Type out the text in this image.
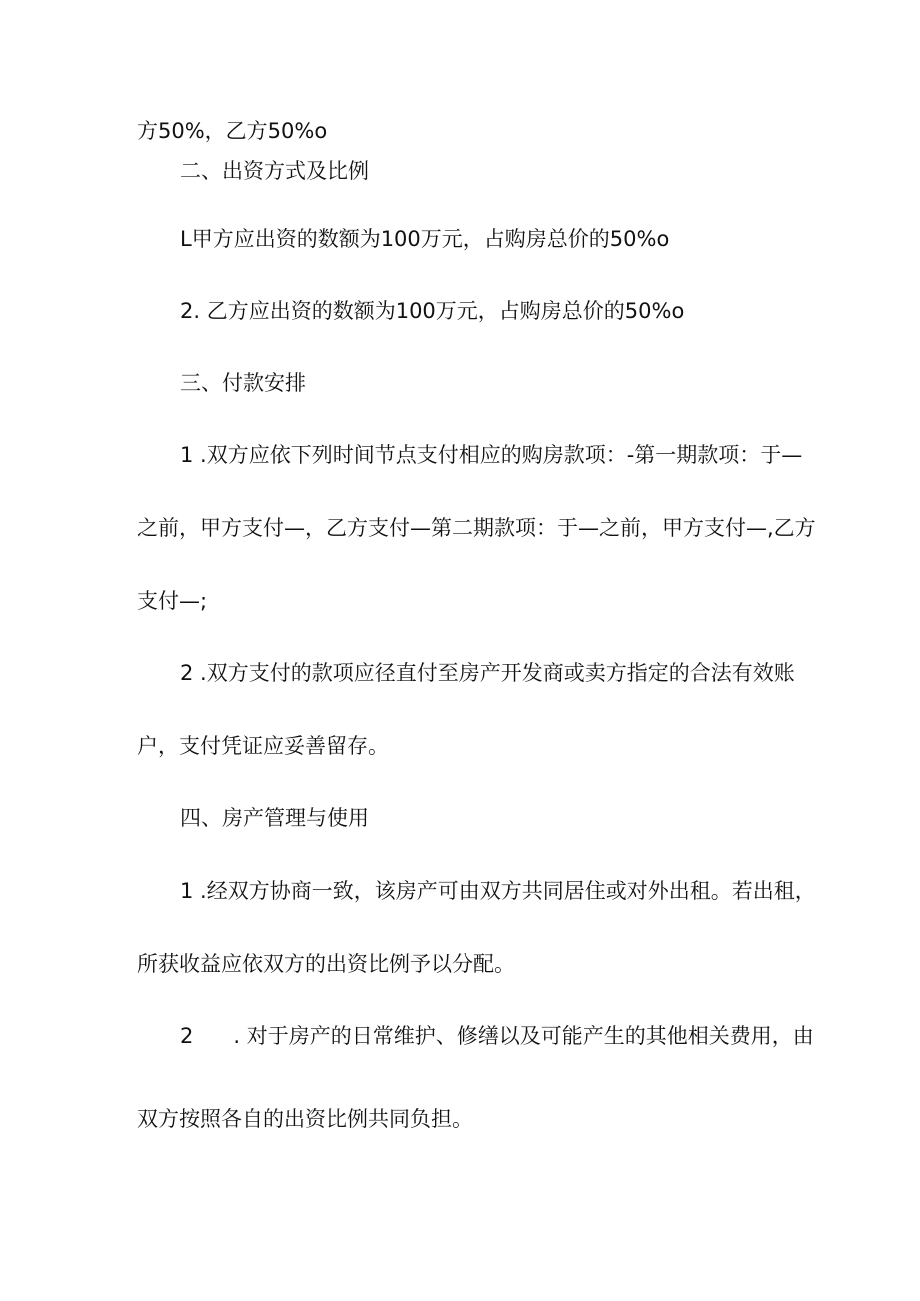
方50%，乙方50%o
二、出资方式及比例
L甲方应出资的数额为100万元，占购房总价的50%o
2. 乙方应出资的数额为100万元，占购房总价的50%o
三、付款安排
1 .双方应依下列时间节点支付相应的购房款项：-第一期款项：于—
之前，甲方支付—，乙方支付—第二期款项：于—之前，甲方支付—,乙方
支付—;
2 .双方支付的款项应径直付至房产开发商或卖方指定的合法有效账
户，支付凭证应妥善留存。
四、房产管理与使用
1 .经双方协商一致，该房产可由双方共同居住或对外出租。若出租，
所获收益应依双方的出资比例予以分配。
2      . 对于房产的日常维护、修缮以及可能产生的其他相关费用，由
双方按照各自的出资比例共同负担。
